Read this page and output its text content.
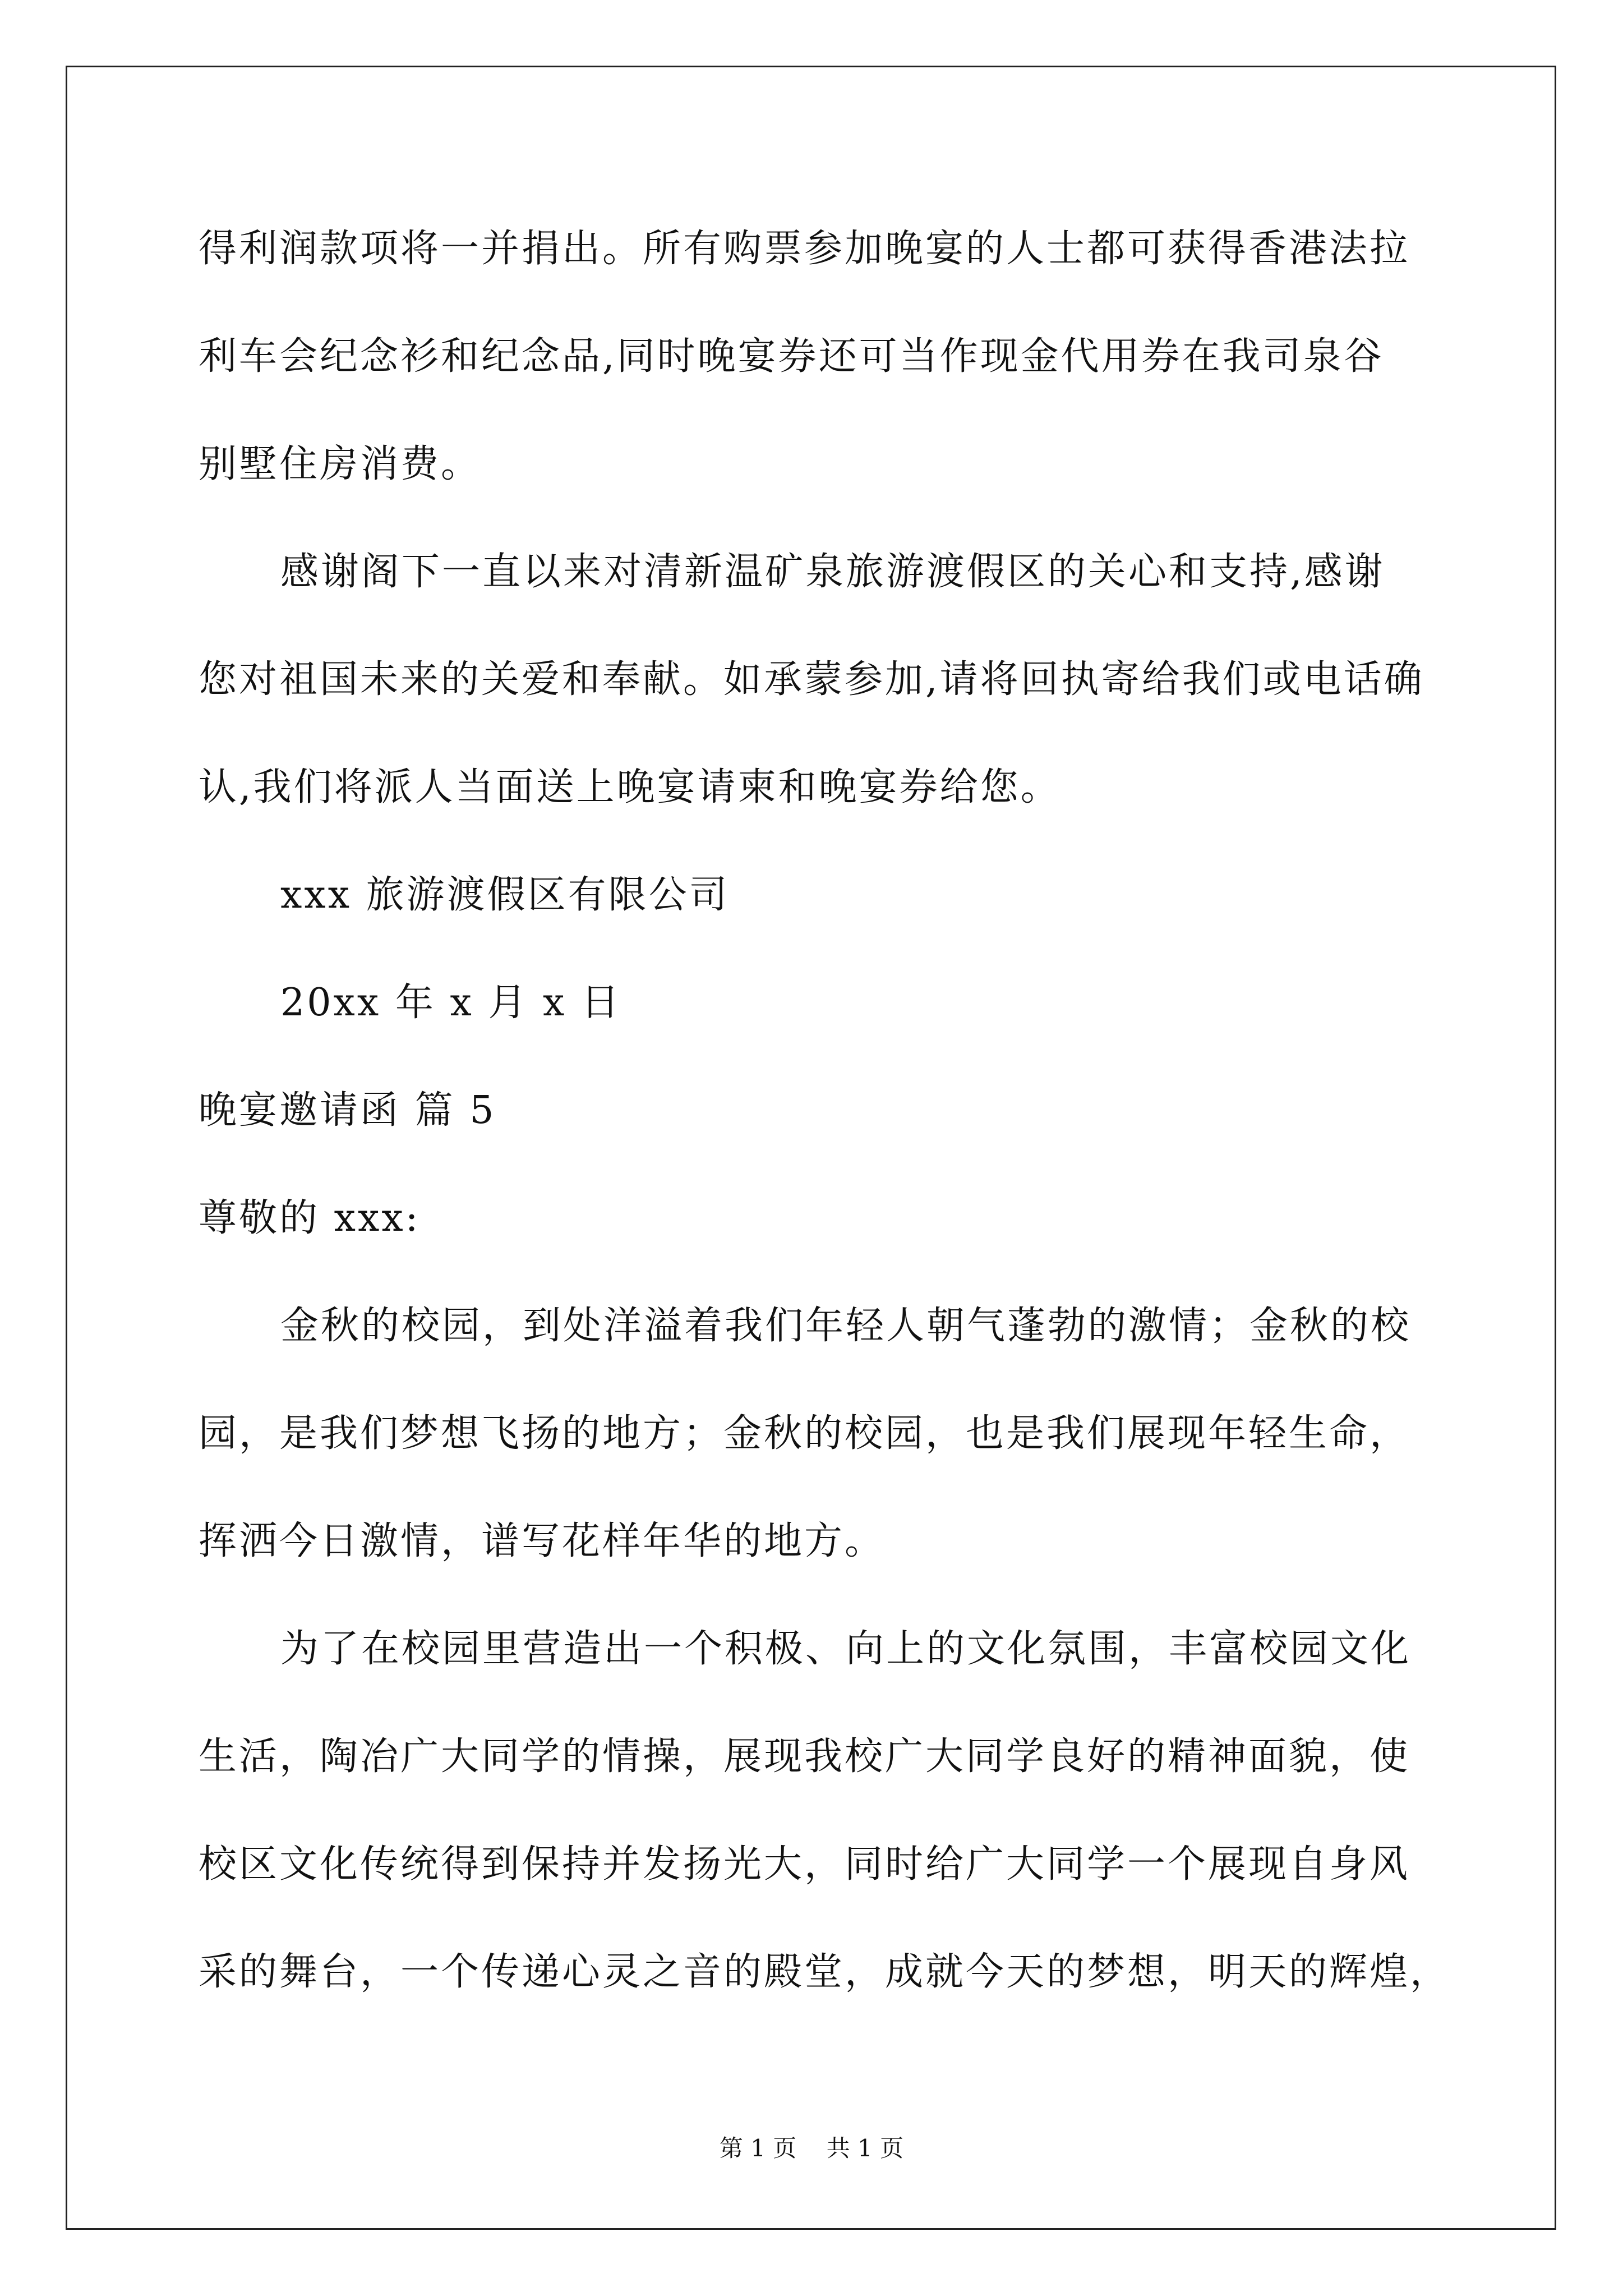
得利润款项将一并捐出。所有购票参加晚宴的人士都可获得香港法拉
利车会纪念衫和纪念品,同时晚宴券还可当作现金代用券在我司泉谷
别墅住房消费。
感谢阁下一直以来对清新温矿泉旅游渡假区的关心和支持,感谢
您对祖国未来的关爱和奉献。如承蒙参加,请将回执寄给我们或电话确
认,我们将派人当面送上晚宴请柬和晚宴券给您。
xxx 旅游渡假区有限公司
20xx 年 x 月 x 日
晚宴邀请函 篇 5
尊敬的 xxx:
金秋的校园，到处洋溢着我们年轻人朝气蓬勃的激情；金秋的校
园，是我们梦想飞扬的地方；金秋的校园，也是我们展现年轻生命，
挥洒今日激情，谱写花样年华的地方。
为了在校园里营造出一个积极、向上的文化氛围，丰富校园文化
生活，陶冶广大同学的情操，展现我校广大同学良好的精神面貌，使
校区文化传统得到保持并发扬光大，同时给广大同学一个展现自身风
采的舞台，一个传递心灵之音的殿堂，成就今天的梦想，明天的辉煌，
第 1 页    共 1 页
